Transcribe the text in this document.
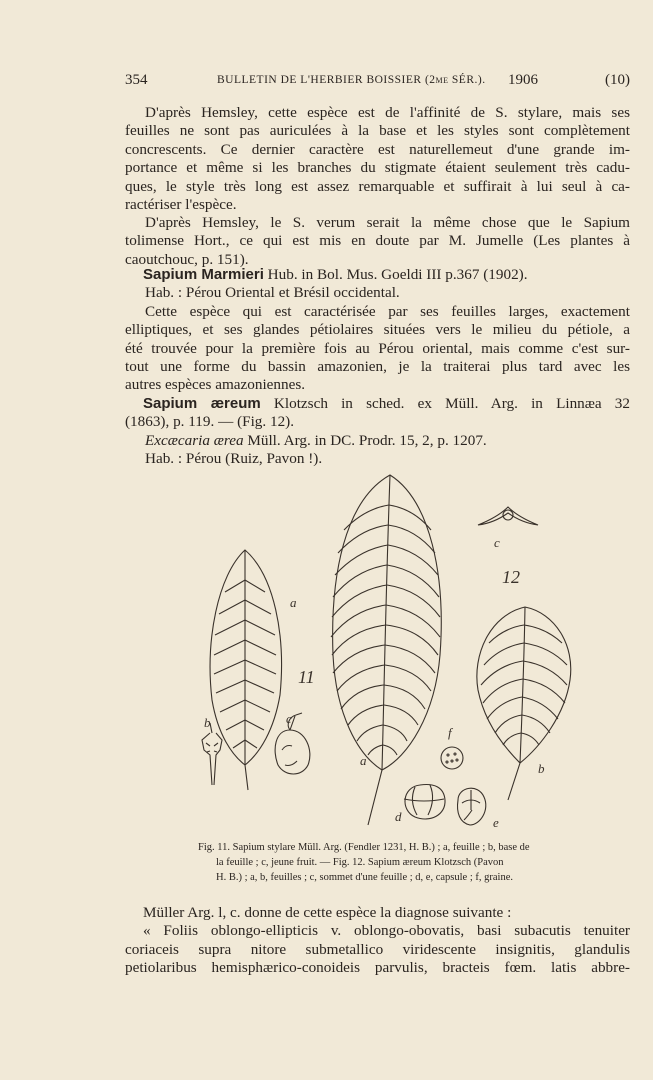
354	BULLETIN DE L'HERBIER BOISSIER (2me SÉR.). 1906	(10)
D'après Hemsley, cette espèce est de l'affinité de S. stylare, mais ses
feuilles ne sont pas auriculées à la base et les styles sont complètement
concrescents. Ce dernier caractère est naturellemeut d'une grande im-
portance et même si les branches du stigmate étaient seulement très cadu-
ques, le style très long est assez remarquable et suffirait à lui seul à ca-
ractériser l'espèce.
D'après Hemsley, le S. verum serait la même chose que le Sapium
tolimense Hort., ce qui est mis en doute par M. Jumelle (Les plantes à
caoutchouc, p. 151).
Sapium Marmieri Hub. in Bol. Mus. Goeldi III p.367 (1902).
Hab. : Pérou Oriental et Brésil occidental.
Cette espèce qui est caractérisée par ses feuilles larges, exactement
elliptiques, et ses glandes pétiolaires situées vers le milieu du pétiole, a
été trouvée pour la première fois au Pérou oriental, mais comme c'est sur-
tout une forme du bassin amazonien, je la traiterai plus tard avec les
autres espèces amazoniennes.
Sapium æreum Klotzsch in sched. ex Müll. Arg. in Linnæa 32
(1863), p. 119. — (Fig. 12).
Excæcaria ærea Müll. Arg. in DC. Prodr. 15, 2, p. 1207.
Hab. : Pérou (Ruiz, Pavon !).
a
b	c
11
a
b
c
d	e
f
12
Fig. 11. Sapium stylare Müll. Arg. (Fendler 1231, H. B.) ; a, feuille ; b, base de
la feuille ; c, jeune fruit. — Fig. 12. Sapium æreum Klotzsch (Pavon
H. B.) ; a, b, feuilles ; c, sommet d'une feuille ; d, e, capsule ; f, graine.
Müller Arg. l, c. donne de cette espèce la diagnose suivante :
« Foliis oblongo-ellipticis v. oblongo-obovatis, basi subacutis tenuiter
coriaceis supra nitore submetallico viridescente insignitis, glandulis
petiolaribus hemisphærico-conoideis parvulis, bracteis fœm. latis abbre-
